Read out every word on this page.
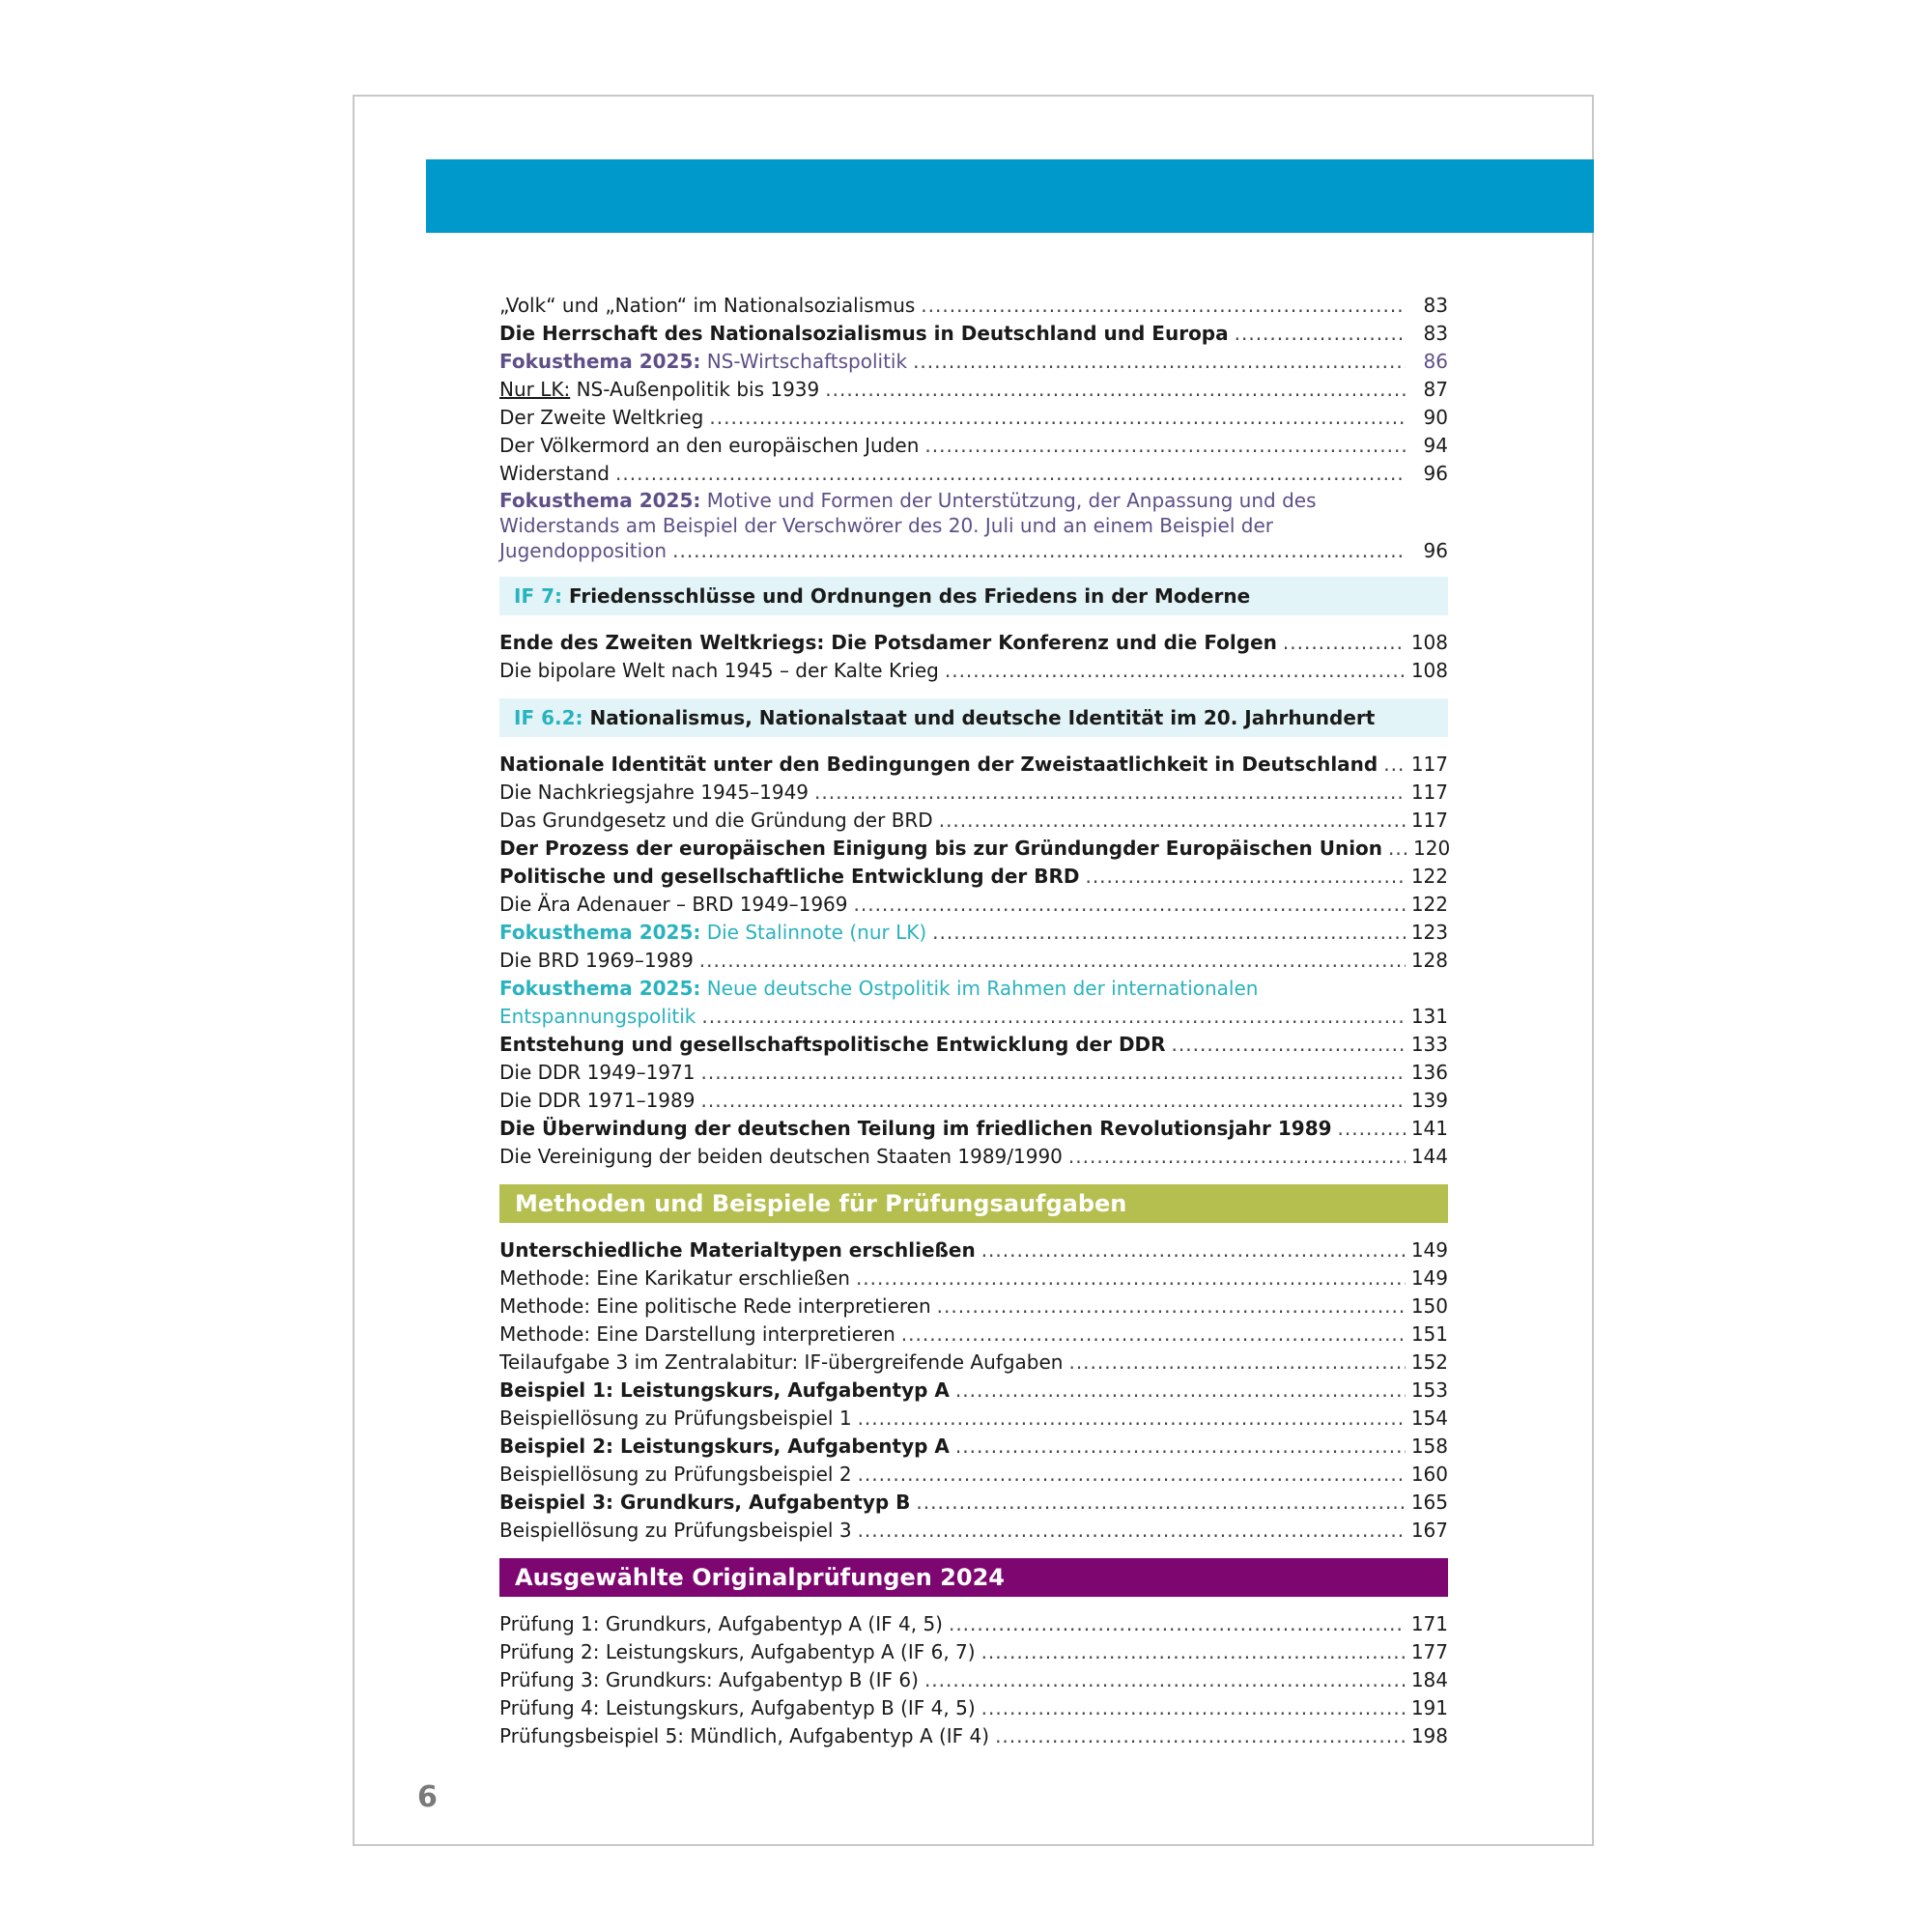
„Volk“ und „Nation“ im Nationalsozialismus .....	83
Die Herrschaft des Nationalsozialismus in Deutschland und Europa .....	83
Fokusthema 2025: NS-Wirtschaftspolitik .....	86
Nur LK: NS-Außenpolitik bis 1939 .....	87
Der Zweite Weltkrieg .....	90
Der Völkermord an den europäischen Juden .....	94
Widerstand .....	96
Fokusthema 2025: Motive und Formen der Unterstützung, der Anpassung und des
Widerstands am Beispiel der Verschwörer des 20. Juli und an einem Beispiel der
Jugendopposition .....	96
IF 7: Friedensschlüsse und Ordnungen des Friedens in der Moderne
Ende des Zweiten Weltkriegs: Die Potsdamer Konferenz und die Folgen .....	108
Die bipolare Welt nach 1945 – der Kalte Krieg .....	108
IF 6.2: Nationalismus, Nationalstaat und deutsche Identität im 20. Jahrhundert
Nationale Identität unter den Bedingungen der Zweistaatlichkeit in Deutschland ..... 117
Die Nachkriegsjahre 1945–1949 .....	117
Das Grundgesetz und die Gründung der BRD .....	117
Der Prozess der europäischen Einigung bis zur Gründungder Europäischen Union ..... 120
Politische und gesellschaftliche Entwicklung der BRD .....	122
Die Ära Adenauer – BRD 1949–1969 .....	122
Fokusthema 2025: Die Stalinnote (nur LK) .....	123
Die BRD 1969–1989 .....	128
Fokusthema 2025: Neue deutsche Ostpolitik im Rahmen der internationalen
Entspannungspolitik .....	131
Entstehung und gesellschaftspolitische Entwicklung der DDR .....	133
Die DDR 1949–1971 .....	136
Die DDR 1971–1989 .....	139
Die Überwindung der deutschen Teilung im friedlichen Revolutionsjahr 1989 .....	141
Die Vereinigung der beiden deutschen Staaten 1989/1990 .....	144
Methoden und Beispiele für Prüfungsaufgaben
Unterschiedliche Materialtypen erschließen .....	149
Methode: Eine Karikatur erschließen .....	149
Methode: Eine politische Rede interpretieren .....	150
Methode: Eine Darstellung interpretieren .....	151
Teilaufgabe 3 im Zentralabitur: IF-übergreifende Aufgaben .....	152
Beispiel 1: Leistungskurs, Aufgabentyp A .....	153
Beispiellösung zu Prüfungsbeispiel 1 .....	154
Beispiel 2: Leistungskurs, Aufgabentyp A .....	158
Beispiellösung zu Prüfungsbeispiel 2 .....	160
Beispiel 3: Grundkurs, Aufgabentyp B .....	165
Beispiellösung zu Prüfungsbeispiel 3 .....	167
Ausgewählte Originalprüfungen 2024
Prüfung 1: Grundkurs, Aufgabentyp A (IF 4, 5) .....	171
Prüfung 2: Leistungskurs, Aufgabentyp A (IF 6, 7) .....	177
Prüfung 3: Grundkurs: Aufgabentyp B (IF 6) .....	184
Prüfung 4: Leistungskurs, Aufgabentyp B (IF 4, 5) .....	191
Prüfungsbeispiel 5: Mündlich, Aufgabentyp A (IF 4) .....	198
6
